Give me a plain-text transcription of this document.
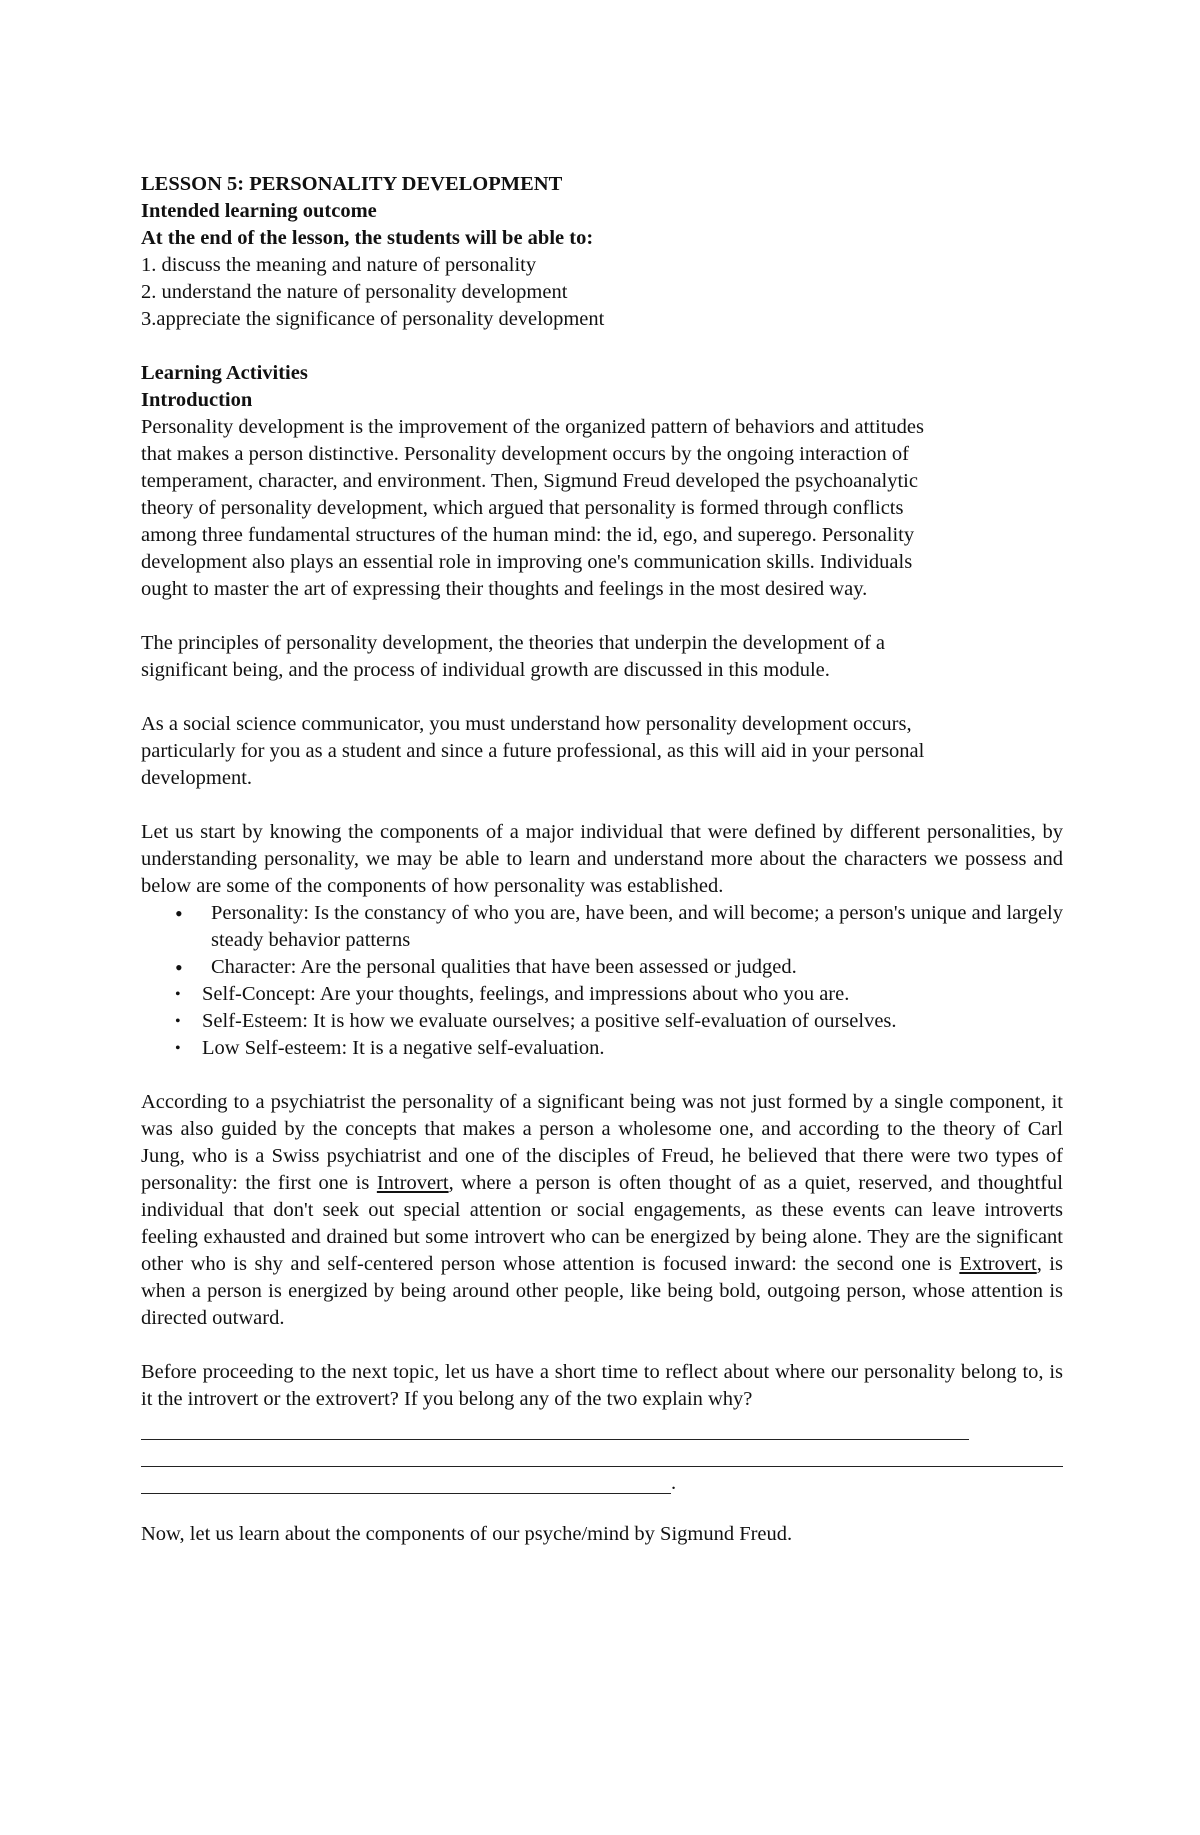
LESSON 5: PERSONALITY DEVELOPMENT
Intended learning outcome
At the end of the lesson, the students will be able to:
1. discuss the meaning and nature of personality
2. understand the nature of personality development
3.appreciate the significance of personality development
Learning Activities
Introduction
Personality development is the improvement of the organized pattern of behaviors and attitudes
that makes a person distinctive. Personality development occurs by the ongoing interaction of
temperament, character, and environment. Then, Sigmund Freud developed the psychoanalytic
theory of personality development, which argued that personality is formed through conflicts
among three fundamental structures of the human mind: the id, ego, and superego. Personality
development also plays an essential role in improving one's communication skills. Individuals
ought to master the art of expressing their thoughts and feelings in the most desired way.
The principles of personality development, the theories that underpin the development of a
significant being, and the process of individual growth are discussed in this module.
As a social science communicator, you must understand how personality development occurs,
particularly for you as a student and since a future professional, as this will aid in your personal
development.

Let us start by knowing the components of a major individual that were defined by different personalities, by understanding personality, we may be able to learn and understand more about the characters we possess and below are some of the components of how personality was established.

• Personality: Is the constancy of who you are, have been, and will become; a person's unique and largely steady behavior patterns
• Character: Are the personal qualities that have been assessed or judged.
• Self-Concept: Are your thoughts, feelings, and impressions about who you are.
• Self-Esteem: It is how we evaluate ourselves; a positive self-evaluation of ourselves.
• Low Self-esteem: It is a negative self-evaluation.

According to a psychiatrist the personality of a significant being was not just formed by a single component, it was also guided by the concepts that makes a person a wholesome one, and according to the theory of Carl Jung, who is a Swiss psychiatrist and one of the disciples of Freud, he believed that there were two types of personality: the first one is Introvert, where a person is often thought of as a quiet, reserved, and thoughtful individual that don't seek out special attention or social engagements, as these events can leave introverts feeling exhausted and drained but some introvert who can be energized by being alone. They are the significant other who is shy and self-centered person whose attention is focused inward: the second one is Extrovert, is when a person is energized by being around other people, like being bold, outgoing person, whose attention is directed outward.

Before proceeding to the next topic, let us have a short time to reflect about where our personality belong to, is it the introvert or the extrovert? If you belong any of the two explain why?

.
Now, let us learn about the components of our psyche/mind by Sigmund Freud.
